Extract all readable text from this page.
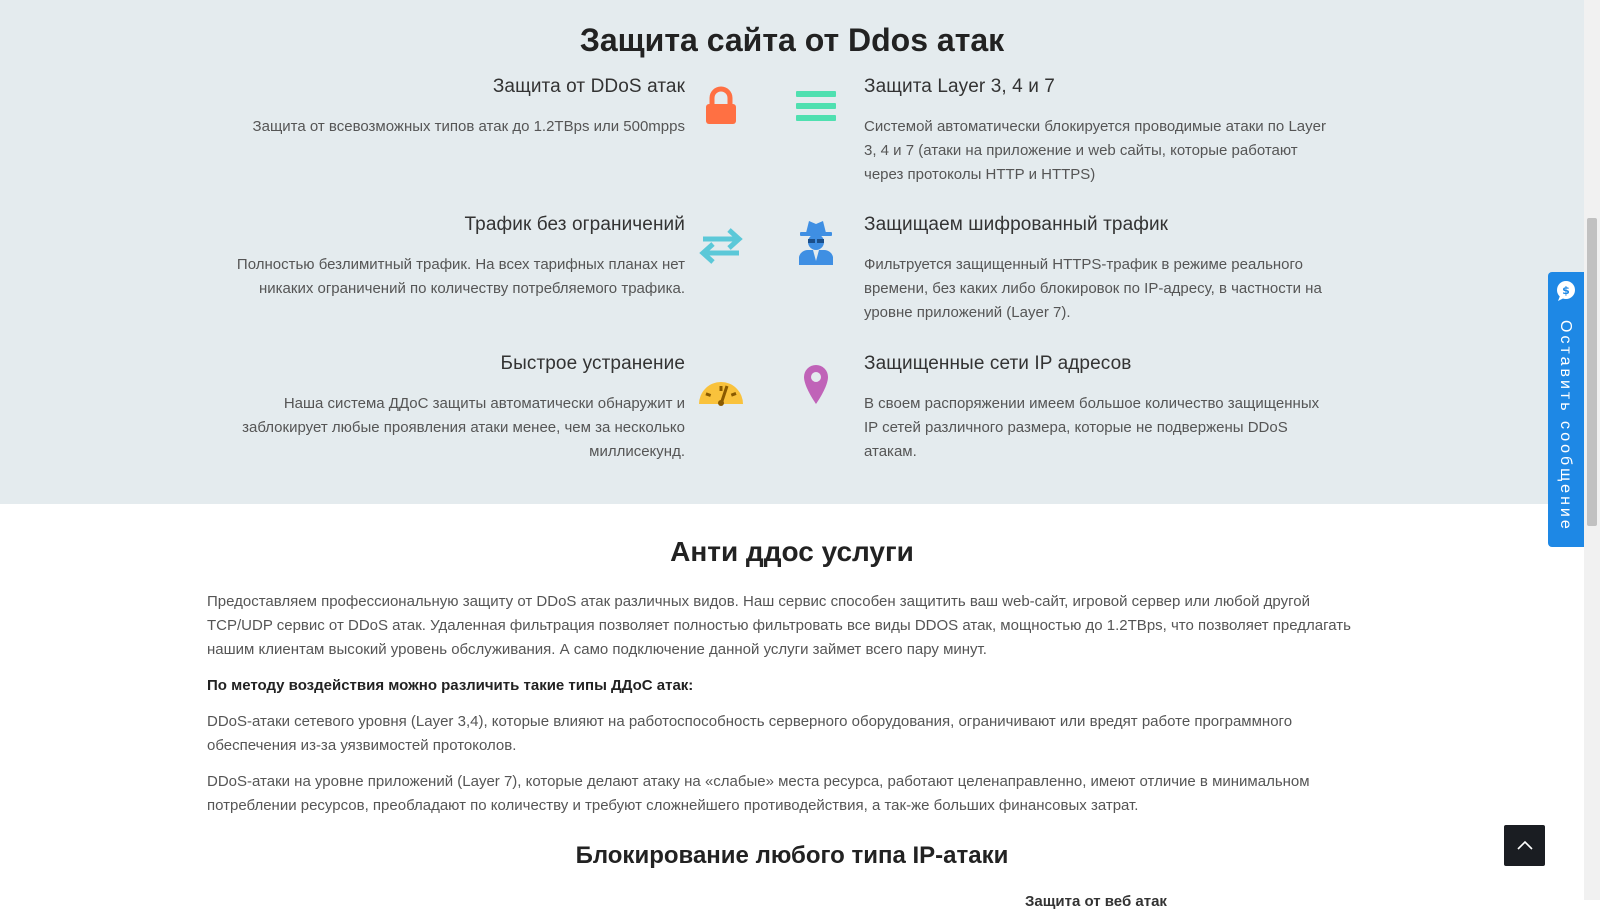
Защита сайта от Ddos атак
Защита от DDoS атак

Защита от всевозможных типов атак до 1.2TBps или 500mpps

Защита Layer 3, 4 и 7

Системой автоматически блокируется проводимые атаки по Layer 3, 4 и 7 (атаки на приложение и web сайты, которые работают через протоколы HTTP и HTTPS)

Трафик без ограничений

Полностью безлимитный трафик. На всех тарифных планах нет никаких ограничений по количеству потребляемого трафика.

Защищаем шифрованный трафик

Фильтруется защищенный HTTPS-трафик в режиме реального времени, без каких либо блокировок по IP-адресу, в частности на уровне приложений (Layer 7).

Быстрое устранение

Наша система ДДоС защиты автоматически обнаружит и заблокирует любые проявления атаки менее, чем за несколько миллисекунд.

Защищенные сети IP адресов

В своем распоряжении имеем большое количество защищенных IP сетей различного размера, которые не подвержены DDoS атакам.

Анти ддос услуги

Предоставляем профессиональную защиту от DDoS атак различных видов. Наш сервис способен защитить ваш web-сайт, игровой сервер или любой другой TCP/UDP сервис от DDoS атак. Удаленная фильтрация позволяет полностью фильтровать все виды DDOS атак, мощностью до 1.2TBps, что позволяет предлагать нашим клиентам высокий уровень обслуживания. А само подключение данной услуги займет всего пару минут.

По методу воздействия можно различить такие типы ДДоС атак:

DDoS-атаки сетевого уровня (Layer 3,4), которые влияют на работоспособность серверного оборудования, ограничивают или вредят работе программного обеспечения из-за уязвимостей протоколов.

DDoS-атаки на уровне приложений (Layer 7), которые делают атаку на «слабые» места ресурса, работают целенаправленно, имеют отличие в минимальном потреблении ресурсов, преобладают по количеству и требуют сложнейшего противодействия, а так-же больших финансовых затрат.

Блокирование любого типа IP-атаки
Защита от веб атак
$
Оставить сообщение
